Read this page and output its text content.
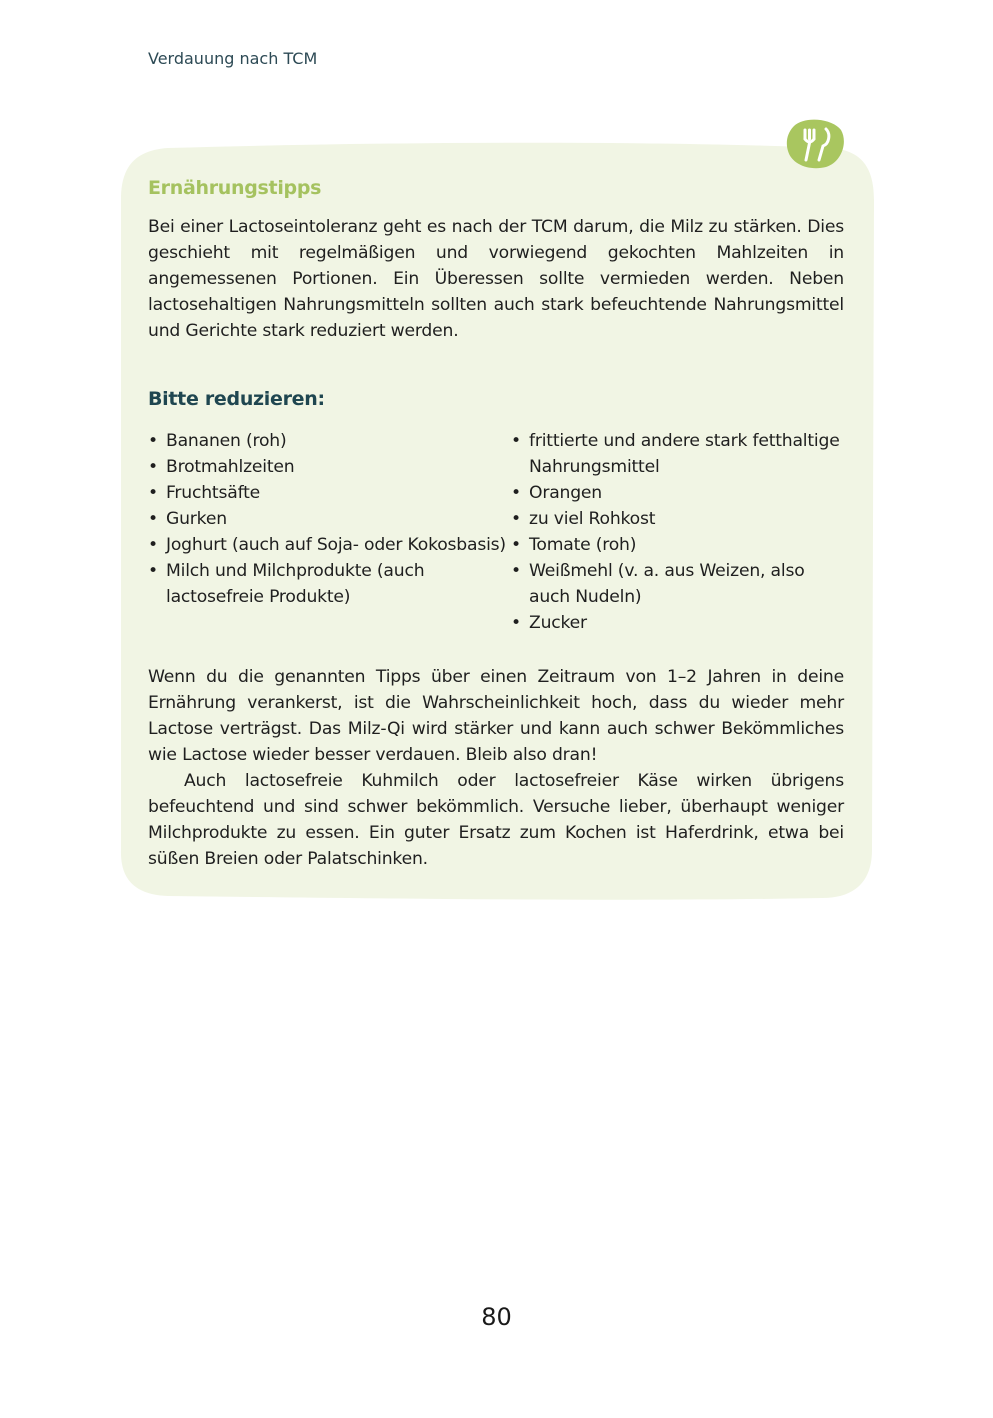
Verdauung nach TCM
Ernährungstipps

Bei einer Lactoseintoleranz geht es nach der TCM darum, die Milz zu stärken. Dies geschieht mit regelmäßigen und vorwiegend gekochten Mahlzeiten in angemessenen Portionen. Ein Überessen sollte vermieden werden. Neben lactosehaltigen Nahrungsmitteln sollten auch stark befeuchtende Nahrungsmittel und Gerichte stark reduziert werden.

Bitte reduzieren:
• Bananen (roh)
• Brotmahlzeiten
• Fruchtsäfte
• Gurken
• Joghurt (auch auf Soja- oder Kokosbasis)
• Milch und Milchprodukte (auch lactosefreie Produkte)
• frittierte und andere stark fetthaltige Nahrungsmittel
• Orangen
• zu viel Rohkost
• Tomate (roh)
• Weißmehl (v. a. aus Weizen, also auch Nudeln)
• Zucker

Wenn du die genannten Tipps über einen Zeitraum von 1–2 Jahren in deine Ernährung verankerst, ist die Wahrscheinlichkeit hoch, dass du wieder mehr Lactose verträgst. Das Milz-Qi wird stärker und kann auch schwer Bekömmliches wie Lactose wieder besser verdauen. Bleib also dran!

Auch lactosefreie Kuhmilch oder lactosefreier Käse wirken übrigens befeuchtend und sind schwer bekömmlich. Versuche lieber, überhaupt weniger Milchprodukte zu essen. Ein guter Ersatz zum Kochen ist Haferdrink, etwa bei süßen Breien oder Palatschinken.

80
